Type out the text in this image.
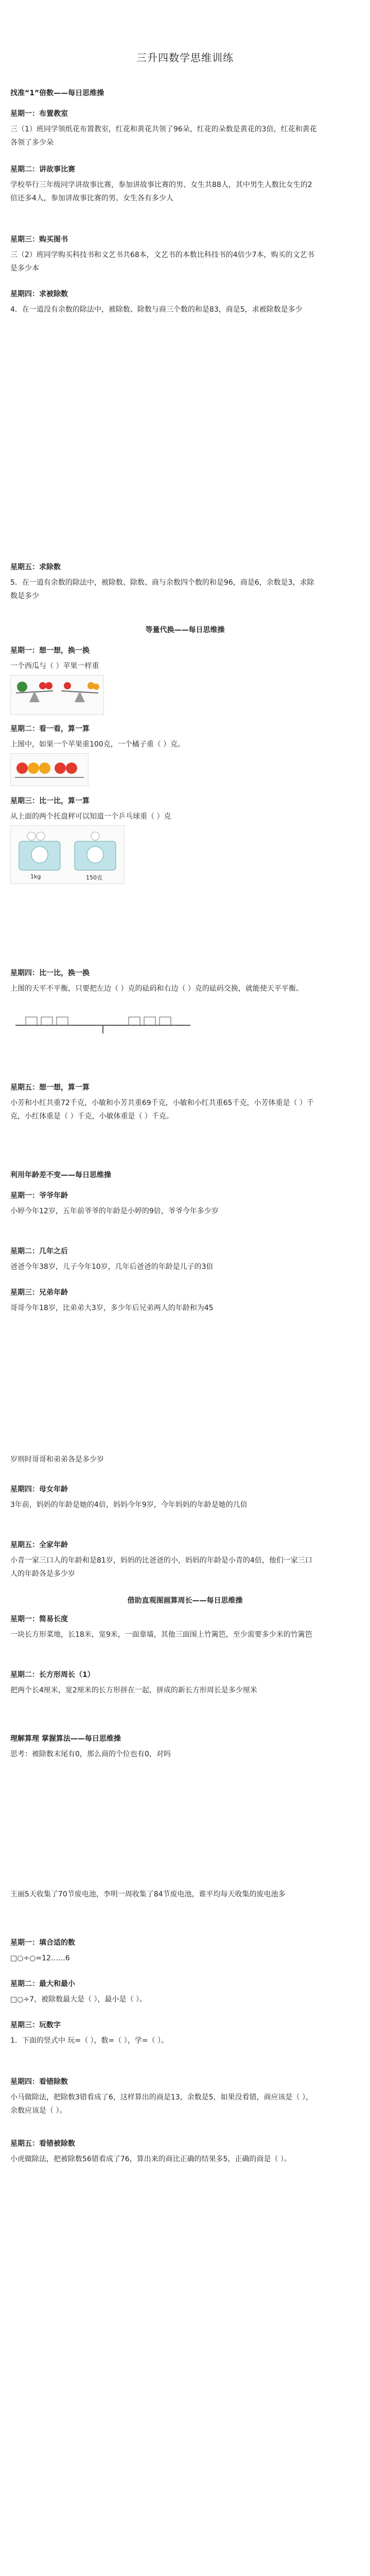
三升四数学思维训练
找准“1”倍数——每日思维操
星期一：布置教室
三（1）班同学领纸花布置教室，红花和黄花共领了96朵，红花的朵数是黄花的3倍，红花和黄花各领了多少朵
星期二：讲故事比赛
学校举行三年级同学讲故事比赛，参加讲故事比赛的男、女生共88人，其中男生人数比女生的2倍还多4人，参加讲故事比赛的男、女生各有多少人
星期三：购买图书
三（2）班同学购买科技书和文艺书共68本，文艺书的本数比科技书的4倍少7本，购买的文艺书是多少本
星期四：求被除数
4．在一道没有余数的除法中，被除数、除数与商三个数的和是83，商是5，求被除数是多少
星期五：求除数
5．在一道有余数的除法中，被除数、除数、商与余数四个数的和是96，商是6，余数是3，求除数是多少
等量代换——每日思维操
星期一：想一想，换一换
一个西瓜与（ ）苹果一样重
星期二：看一看，算一算
上图中，如果一个苹果重100克，一个橘子重（ ）克。
星期三：比一比，算一算
从上面的两个托盘秤可以知道一个乒乓球重（ ）克
1kg	150克
星期四：比一比，换一换
上图的天平不平衡，只要把左边（ ）克的砝码和右边（ ）克的砝码交换，就能使天平平衡。
星期五：想一想，算一算
小芳和小红共重72千克，小敏和小芳共重69千克，小敏和小红共重65千克，小芳体重是（ ）千克，小红体重是（ ）千克，小敏体重是（ ）千克。
利用年龄差不变——每日思维操
星期一：爷爷年龄
小婷今年12岁，五年前爷爷的年龄是小婷的9倍，爷爷今年多少岁
星期二：几年之后
爸爸今年38岁，儿子今年10岁，几年后爸爸的年龄是儿子的3倍
星期三：兄弟年龄
哥哥今年18岁，比弟弟大3岁，多少年后兄弟两人的年龄和为45
岁则时哥哥和弟弟各是多少岁
星期四：母女年龄
3年前，妈妈的年龄是她的4倍，妈妈今年9岁，今年妈妈的年龄是她的几倍
星期五：全家年龄
小青一家三口人的年龄和是81岁，妈妈的比爸爸的小，妈妈的年龄是小青的4倍，他们一家三口人的年龄各是多少岁
借助直观图画算周长——每日思维操
星期一：简易长度
一块长方形菜地，长18米，宽9米，一面靠墙，其他三面围上竹篱笆，至少需要多少米的竹篱笆
星期二：长方形周长（1）
把两个长4厘米，宽2厘米的长方形拼在一起，拼成的新长方形周长是多少厘米
理解算理 掌握算法——每日思维操
思考：被除数末尾有0，那么商的个位也有0，对吗
王丽5天收集了70节废电池，李明一周收集了84节废电池，谁平均每天收集的废电池多
星期一：填合适的数
□○÷○=12……6
星期二：最大和最小
□○÷7，被除数最大是（ ），最小是（ ）。
星期三：玩数字
1．下面的竖式中 玩=（ ），数=（ ），学=（ ）。
星期四：看错除数
小马做除法，把除数3错看成了6，这样算出的商是13，余数是5，如果没看错，商应该是（ ），余数应该是（ ）。
星期五：看错被除数
小虎做除法，把被除数56错看成了76，算出来的商比正确的结果多5，正确的商是（ ）。
